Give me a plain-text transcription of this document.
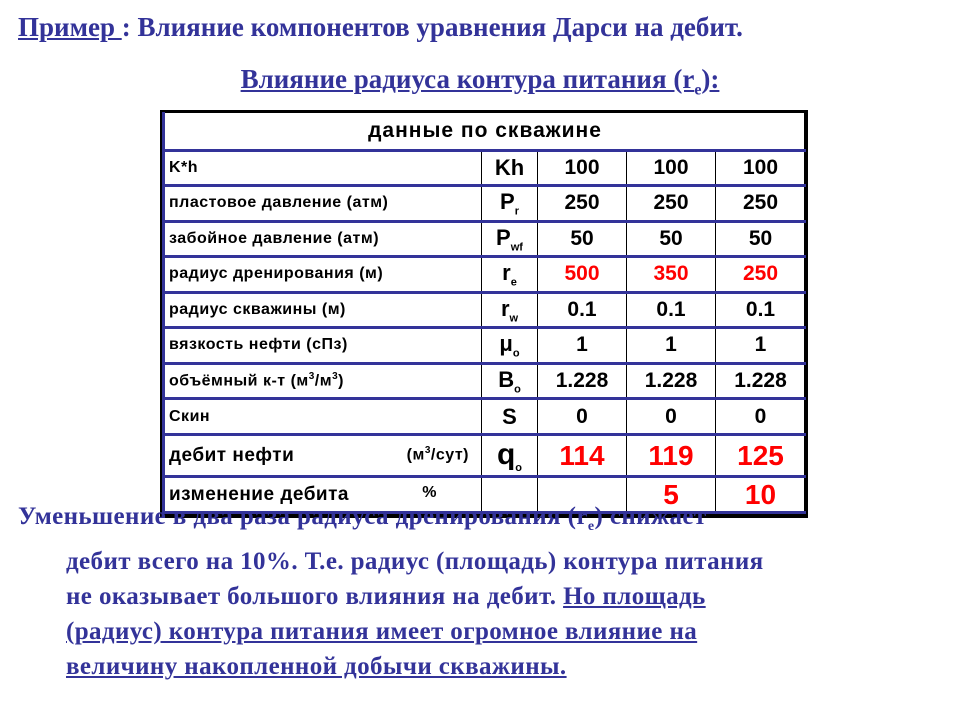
Пример : Влияние компонентов уравнения Дарси на дебит.
Влияние радиуса контура питания $(r_e)$:
данные по скважине				
K*h	Kh	100	100	100
пластовое давление (атм)	$P_r$	250	250	250
забойное давление (атм)	$P_{wf}$	50	50	50
радиус дренирования (м)	$r_e$	500	350	250
радиус скважины (м)	$r_w$	0.1	0.1	0.1
вязкость нефти (сПз)	$\mu_o$	1	1	1
объёмный к-т $(м^3/м^3)$	$B_o$	1.228	1.228	1.228
Скин	S	0	0	0
дебит нефти $(м^3/сут)$	$q_o$	114	119	125
изменение дебита %			5	10
Уменьшение в два раза радиуса дренирования $(r_e)$ снижает
дебит всего на 10%. Т.е. радиус (площадь) контура питания
не оказывает большого влияния на дебит. Но площадь
(радиус) контура питания имеет огромное влияние на
величину накопленной добычи скважины.
